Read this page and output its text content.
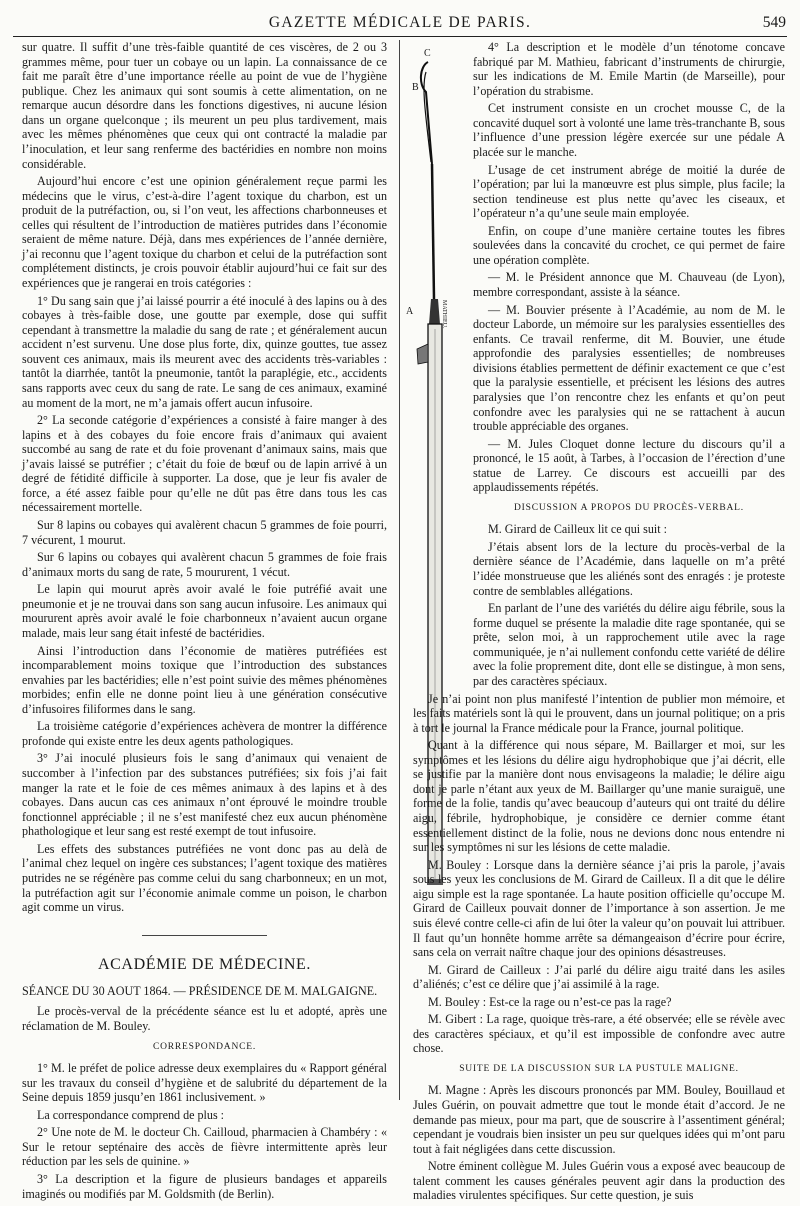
GAZETTE MÉDICALE DE PARIS.	549

sur quatre. Il suffit d’une très-faible quantité de ces viscères, de 2 ou 3 grammes même, pour tuer un cobaye ou un lapin. La connaissance de ce fait me paraît être d’une importance réelle au point de vue de l’hygiène publique. Chez les animaux qui sont soumis à cette alimentation, on ne remarque aucun désordre dans les fonctions digestives, ni aucune lésion dans un organe quelconque ; ils meurent un peu plus tardivement, mais avec les mêmes phénomènes que ceux qui ont contracté la maladie par l’inoculation, et leur sang renferme des bactéridies en nombre non moins considérable.

Aujourd’hui encore c’est une opinion généralement reçue parmi les médecins que le virus, c’est-à-dire l’agent toxique du charbon, est un produit de la putréfaction, ou, si l’on veut, les affections charbonneuses et celles qui résultent de l’introduction de matières putrides dans l’économie seraient de même nature. Déjà, dans mes expériences de l’année dernière, j’ai reconnu que l’agent toxique du charbon et celui de la putréfaction sont complétement distincts, je crois pouvoir établir aujourd’hui ce fait sur des expériences que je rangerai en trois catégories :

1° Du sang sain que j’ai laissé pourrir a été inoculé à des lapins ou à des cobayes à très-faible dose, une goutte par exemple, dose qui suffit cependant à transmettre la maladie du sang de rate ; et généralement aucun accident n’est survenu. Une dose plus forte, dix, quinze gouttes, tue assez souvent ces animaux, mais ils meurent avec des accidents très-variables : tantôt la diarrhée, tantôt la pneumonie, tantôt la paraplégie, etc., accidents sans rapports avec ceux du sang de rate. Le sang de ces animaux, examiné au moment de la mort, ne m’a jamais offert aucun infusoire.

2° La seconde catégorie d’expériences a consisté à faire manger à des lapins et à des cobayes du foie encore frais d’animaux qui avaient succombé au sang de rate et du foie provenant d’animaux sains, mais que j’avais laissé se putréfier ; c’était du foie de bœuf ou de lapin arrivé à un degré de fétidité difficile à supporter. La dose, que je leur fis avaler de force, a été assez faible pour qu’elle ne dût pas être dans tous les cas nécessairement mortelle.

Sur 8 lapins ou cobayes qui avalèrent chacun 5 grammes de foie pourri, 7 vécurent, 1 mourut.

Sur 6 lapins ou cobayes qui avalèrent chacun 5 grammes de foie frais d’animaux morts du sang de rate, 5 moururent, 1 vécut.

Le lapin qui mourut après avoir avalé le foie putréfié avait une pneumonie et je ne trouvai dans son sang aucun infusoire. Les animaux qui moururent après avoir avalé le foie charbonneux n’avaient aucun organe malade, mais leur sang était infesté de bactéridies.

Ainsi l’introduction dans l’économie de matières putréfiées est incomparablement moins toxique que l’introduction des substances envahies par les bactéridies; elle n’est point suivie des mêmes phénomènes morbides; enfin elle ne donne point lieu à une génération consécutive d’infusoires filiformes dans le sang.

La troisième catégorie d’expériences achèvera de montrer la différence profonde qui existe entre les deux agents pathologiques.

3° J’ai inoculé plusieurs fois le sang d’animaux qui venaient de succomber à l’infection par des substances putréfiées; six fois j’ai fait manger la rate et le foie de ces mêmes animaux à des lapins et à des cobayes. Dans aucun cas ces animaux n’ont éprouvé le moindre trouble fonctionnel appréciable ; il ne s’est manifesté chez eux aucun phénomène phathologique et leur sang est resté exempt de tout infusoire.

Les effets des substances putréfiées ne vont donc pas au delà de l’animal chez lequel on ingère ces substances; l’agent toxique des matières putrides ne se régénère pas comme celui du sang charbonneux; en un mot, la putréfaction agit sur l’économie animale comme un poison, le charbon agit comme un virus.

ACADÉMIE DE MÉDECINE.

SÉANCE DU 30 AOUT 1864. — PRÉSIDENCE DE M. MALGAIGNE.

Le procès-verval de la précédente séance est lu et adopté, après une réclamation de M. Bouley.

CORRESPONDANCE.

1° M. le préfet de police adresse deux exemplaires du « Rapport général sur les travaux du conseil d’hygiène et de salubrité du département de la Seine depuis 1859 jusqu’en 1861 inclusivement. »

La correspondance comprend de plus :

2° Une note de M. le docteur Ch. Cailloud, pharmacien à Chambéry : « Sur le retour septénaire des accès de fièvre intermittente après leur réduction par les sels de quinine. »

3° La description et la figure de plusieurs bandages et appareils imaginés ou modifiés par M. Goldsmith (de Berlin).

C
B
A	MATHIEU.

4° La description et le modèle d’un ténotome concave fabriqué par M. Mathieu, fabricant d’instruments de chirurgie, sur les indications de M. Emile Martin (de Marseille), pour l’opération du strabisme.

Cet instrument consiste en un crochet mousse C, de la concavité duquel sort à volonté une lame très-tranchante B, sous l’influence d’une pression légère exercée sur une pédale A placée sur le manche.

L’usage de cet instrument abrége de moitié la durée de l’opération; par lui la manœuvre est plus simple, plus facile; la section tendineuse est plus nette qu’avec les ciseaux, et l’opérateur n’a qu’une seule main employée.

Enfin, on coupe d’une manière certaine toutes les fibres soulevées dans la concavité du crochet, ce qui permet de faire une opération complète.

— M. le Président annonce que M. Chauveau (de Lyon), membre correspondant, assiste à la séance.

— M. Bouvier présente à l’Académie, au nom de M. le docteur Laborde, un mémoire sur les paralysies essentielles des enfants. Ce travail renferme, dit M. Bouvier, une étude approfondie des paralysies essentielles; de nombreuses divisions établies permettent de définir exactement ce que c’est que la paralysie essentielle, et précisent les lésions des autres paralysies que l’on rencontre chez les enfants et qu’on peut confondre avec les paralysies qui ne se rattachent à aucun trouble appréciable des organes.

— M. Jules Cloquet donne lecture du discours qu’il a prononcé, le 15 août, à Tarbes, à l’occasion de l’érection d’une statue de Larrey. Ce discours est accueilli par des applaudissements répétés.

DISCUSSION A PROPOS DU PROCÈS-VERBAL.

M. Girard de Cailleux lit ce qui suit :

J’étais absent lors de la lecture du procès-verbal de la dernière séance de l’Académie, dans laquelle on m’a prêté l’idée monstrueuse que les aliénés sont des enragés : je proteste contre de semblables allégations.

En parlant de l’une des variétés du délire aigu fébrile, sous la forme duquel se présente la maladie dite rage spontanée, qui se prête, selon moi, à un rapprochement utile avec la rage communiquée, je n’ai nullement confondu cette variété de délire avec la folie proprement dite, dont elle se distingue, à mon sens, par des caractères spéciaux.

Je n’ai point non plus manifesté l’intention de publier mon mémoire, et les faits matériels sont là qui le prouvent, dans un journal politique; on a pris à tort le journal la France médicale pour la France, journal politique.

Quant à la différence qui nous sépare, M. Baillarger et moi, sur les symptômes et les lésions du délire aigu hydrophobique que j’ai décrit, elle se justifie par la manière dont nous envisageons la maladie; le délire aigu dont je parle n’étant aux yeux de M. Baillarger qu’une manie suraiguë, une forme de la folie, tandis qu’avec beaucoup d’auteurs qui ont traité du délire aigu, fébrile, hydrophobique, je considère ce dernier comme étant essentiellement distinct de la folie, nous ne devions donc nous entendre ni sur les symptômes ni sur les lésions de cette maladie.

M. Bouley : Lorsque dans la dernière séance j’ai pris la parole, j’avais sous les yeux les conclusions de M. Girard de Cailleux. Il a dit que le délire aigu simple est la rage spontanée. La haute position officielle qu’occupe M. Girard de Cailleux pouvait donner de l’importance à son assertion. Je me suis élevé contre celle-ci afin de lui ôter la valeur qu’on pouvait lui attribuer. Il faut qu’un honnête homme arrête sa démangeaison d’écrire pour écrire, sans cela on verrait naître chaque jour des opinions désastreuses.

M. Girard de Cailleux : J’ai parlé du délire aigu traité dans les asiles d’aliénés; c’est ce délire que j’ai assimilé à la rage.

M. Bouley : Est-ce la rage ou n’est-ce pas la rage?

M. Gibert : La rage, quoique très-rare, a été observée; elle se révèle avec des caractères spéciaux, et qu’il est impossible de confondre avec autre chose.

SUITE DE LA DISCUSSION SUR LA PUSTULE MALIGNE.

M. Magne : Après les discours prononcés par MM. Bouley, Bouillaud et Jules Guérin, on pouvait admettre que tout le monde était d’accord. Je ne demande pas mieux, pour ma part, que de souscrire à l’assentiment général; cependant je voudrais bien insister un peu sur quelques idées qui m’ont paru tout à fait négligées dans cette discussion.

Notre éminent collègue M. Jules Guérin vous a exposé avec beaucoup de talent comment les causes générales peuvent agir dans la production des maladies virulentes spécifiques. Sur cette question, je suis
